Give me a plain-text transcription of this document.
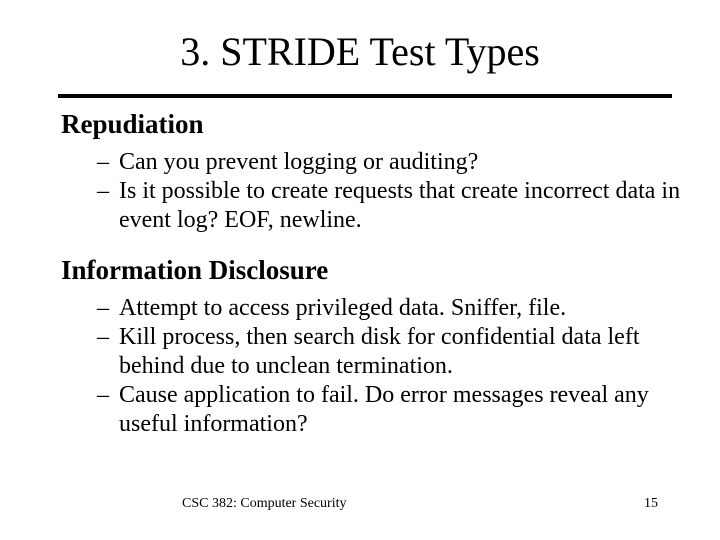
3. STRIDE Test Types
Repudiation
– Can you prevent logging or auditing?
– Is it possible to create requests that create incorrect data in event log? EOF, newline.
Information Disclosure
– Attempt to access privileged data. Sniffer, file.
– Kill process, then search disk for confidential data left behind due to unclean termination.
– Cause application to fail. Do error messages reveal any useful information?
CSC 382: Computer Security	15
